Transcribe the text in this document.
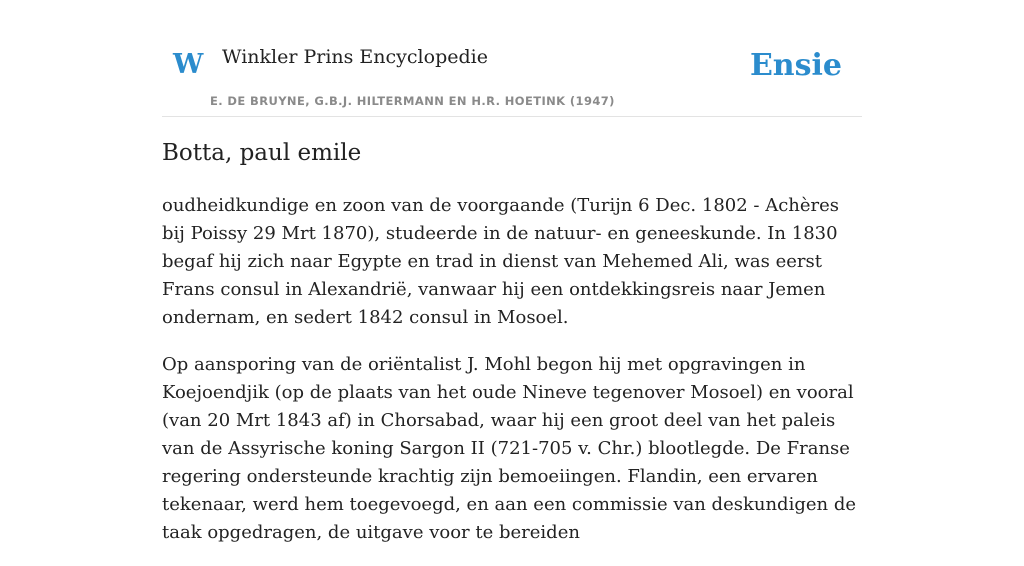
W Winkler Prins Encyclopedie
E. DE BRUYNE, G.B.J. HILTERMANN EN H.R. HOETINK (1947)
Ensie
Botta, paul emile

oudheidkundige en zoon van de voorgaande (Turijn 6 Dec. 1802 - Achères bij Poissy 29 Mrt 1870), studeerde in de natuur- en geneeskunde. In 1830 begaf hij zich naar Egypte en trad in dienst van Mehemed Ali, was eerst Frans consul in Alexandrië, vanwaar hij een ontdekkingsreis naar Jemen ondernam, en sedert 1842 consul in Mosoel.

Op aansporing van de oriëntalist J. Mohl begon hij met opgravingen in Koejoendjik (op de plaats van het oude Nineve tegenover Mosoel) en vooral (van 20 Mrt 1843 af) in Chorsabad, waar hij een groot deel van het paleis van de Assyrische koning Sargon II (721-705 v. Chr.) blootlegde. De Franse regering ondersteunde krachtig zijn bemoeiingen. Flandin, een ervaren tekenaar, werd hem toegevoegd, en aan een commissie van deskundigen de taak opgedragen, de uitgave voor te bereiden
